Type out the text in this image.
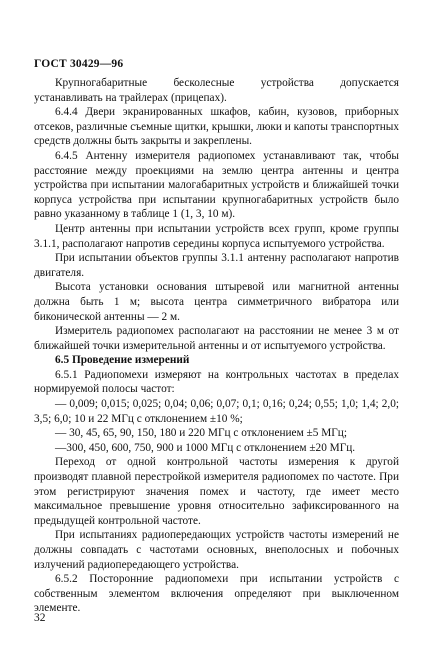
ГОСТ 30429—96

Крупногабаритные бесколесные устройства допускается устанавливать на трайлерах (прицепах).

6.4.4 Двери экранированных шкафов, кабин, кузовов, приборных отсеков, различные съемные щитки, крышки, люки и капоты транспортных средств должны быть закрыты и закреплены.

6.4.5 Антенну измерителя радиопомех устанавливают так, чтобы расстояние между проекциями на землю центра антенны и центра устройства при испытании малогабаритных устройств и ближайшей точки корпуса устройства при испытании крупногабаритных устройств было равно указанному в таблице 1 (1, 3, 10 м).

Центр антенны при испытании устройств всех групп, кроме группы 3.1.1, располагают напротив середины корпуса испытуемого устройства.

При испытании объектов группы 3.1.1 антенну располагают напротив двигателя.

Высота установки основания штыревой или магнитной антенны должна быть 1 м; высота центра симметричного вибратора или биконической антенны — 2 м.

Измеритель радиопомех располагают на расстоянии не менее 3 м от ближайшей точки измерительной антенны и от испытуемого устройства.

6.5 Проведение измерений

6.5.1 Радиопомехи измеряют на контрольных частотах в пределах нормируемой полосы частот:

— 0,009; 0,015; 0,025; 0,04; 0,06; 0,07; 0,1; 0,16; 0,24; 0,55; 1,0; 1,4; 2,0; 3,5; 6,0; 10 и 22 МГц с отклонением ±10 %;

— 30, 45, 65, 90, 150, 180 и 220 МГц с отклонением ±5 МГц;

—300, 450, 600, 750, 900 и 1000 МГц с отклонением ±20 МГц.

Переход от одной контрольной частоты измерения к другой производят плавной перестройкой измерителя радиопомех по частоте. При этом регистрируют значения помех и частоту, где имеет место максимальное превышение уровня относительно зафиксированного на предыдущей контрольной частоте.

При испытаниях радиопередающих устройств частоты измерений не должны совпадать с частотами основных, внеполосных и побочных излучений радиопередающего устройства.

6.5.2 Посторонние радиопомехи при испытании устройств с собственным элементом включения определяют при выключенном элементе.

32
